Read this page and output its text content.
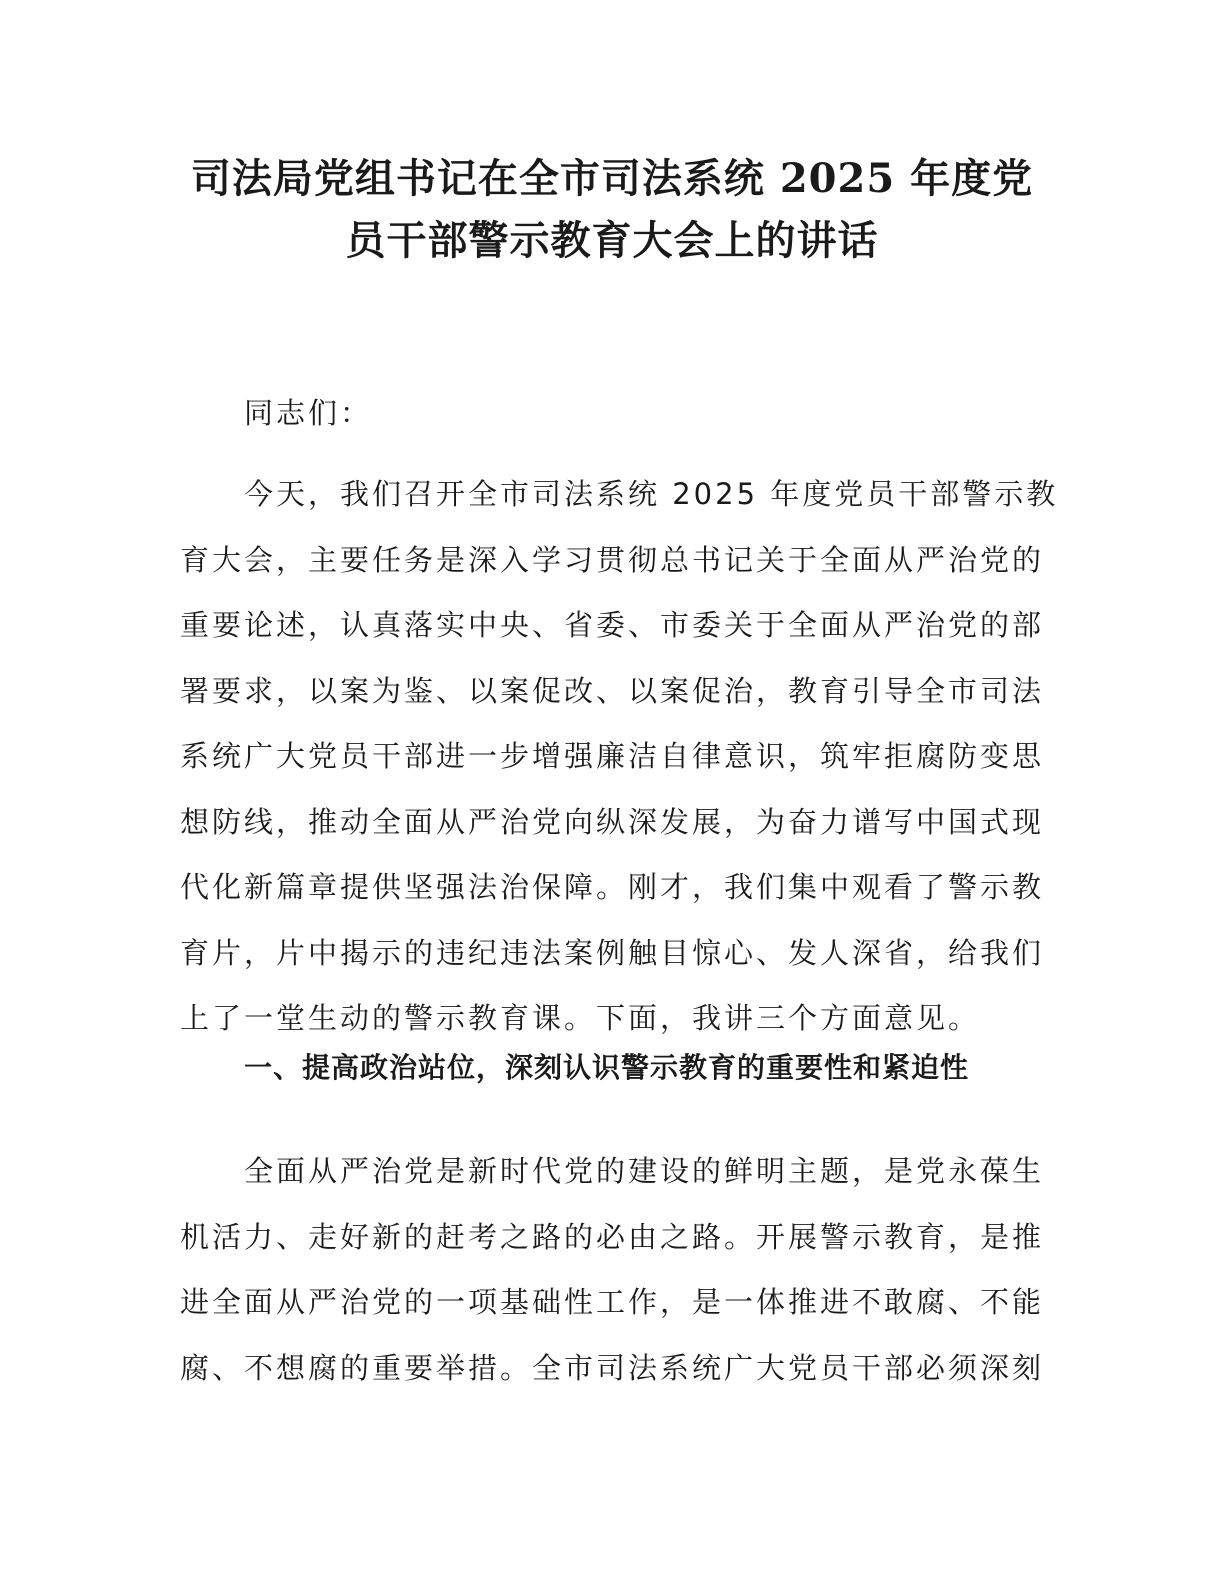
司法局党组书记在全市司法系统 2025 年度党
员干部警示教育大会上的讲话
同志们：
今天，我们召开全市司法系统 2025 年度党员干部警示教
育大会，主要任务是深入学习贯彻总书记关于全面从严治党的
重要论述，认真落实中央、省委、市委关于全面从严治党的部
署要求，以案为鉴、以案促改、以案促治，教育引导全市司法
系统广大党员干部进一步增强廉洁自律意识，筑牢拒腐防变思
想防线，推动全面从严治党向纵深发展，为奋力谱写中国式现
代化新篇章提供坚强法治保障。刚才，我们集中观看了警示教
育片，片中揭示的违纪违法案例触目惊心、发人深省，给我们
上了一堂生动的警示教育课。下面，我讲三个方面意见。
一、提高政治站位，深刻认识警示教育的重要性和紧迫性
全面从严治党是新时代党的建设的鲜明主题，是党永葆生
机活力、走好新的赶考之路的必由之路。开展警示教育，是推
进全面从严治党的一项基础性工作，是一体推进不敢腐、不能
腐、不想腐的重要举措。全市司法系统广大党员干部必须深刻
